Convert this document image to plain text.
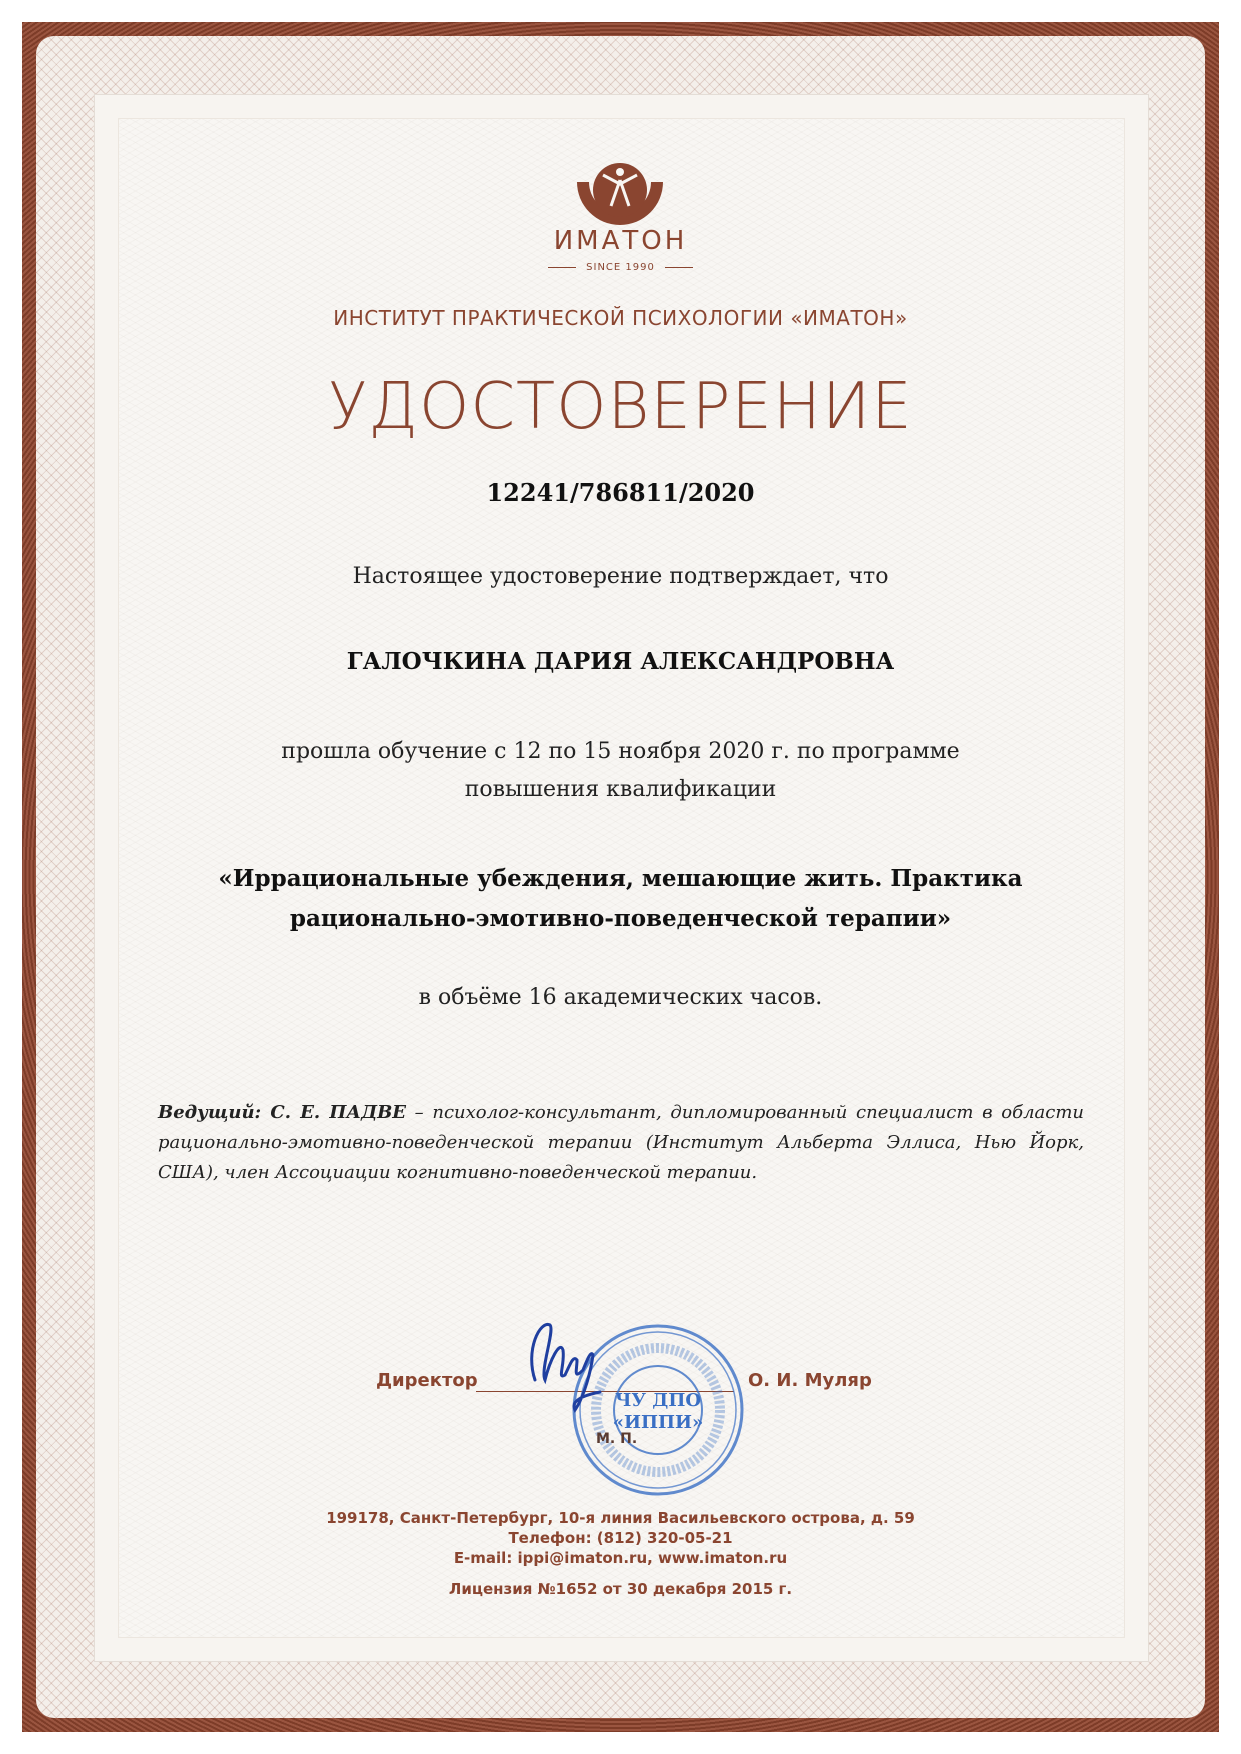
ИМАТОН
SINCE 1990
ИНСТИТУТ ПРАКТИЧЕСКОЙ ПСИХОЛОГИИ «ИМАТОН»
УДОСТОВЕРЕНИЕ
12241/786811/2020
Настоящее удостоверение подтверждает, что
ГАЛОЧКИНА ДАРИЯ АЛЕКСАНДРОВНА
прошла обучение с 12 по 15 ноября 2020 г. по программе
повышения квалификации
«Иррациональные убеждения, мешающие жить. Практика
рационально-эмотивно-поведенческой терапии»
в объёме 16 академических часов.
Ведущий: С. Е. ПАДВЕ – психолог-консультант, дипломированный специалист в области рационально-эмотивно-поведенческой терапии (Институт Альберта Эллиса, Нью Йорк, США), член Ассоциации когнитивно-поведенческой терапии.
Директор	О. И. Муляр
ЧУ ДПО
«ИППИ»
М. П.
199178, Санкт-Петербург, 10-я линия Васильевского острова, д. 59
Телефон: (812) 320-05-21
E-mail: ippi@imaton.ru, www.imaton.ru
Лицензия №1652 от 30 декабря 2015 г.
